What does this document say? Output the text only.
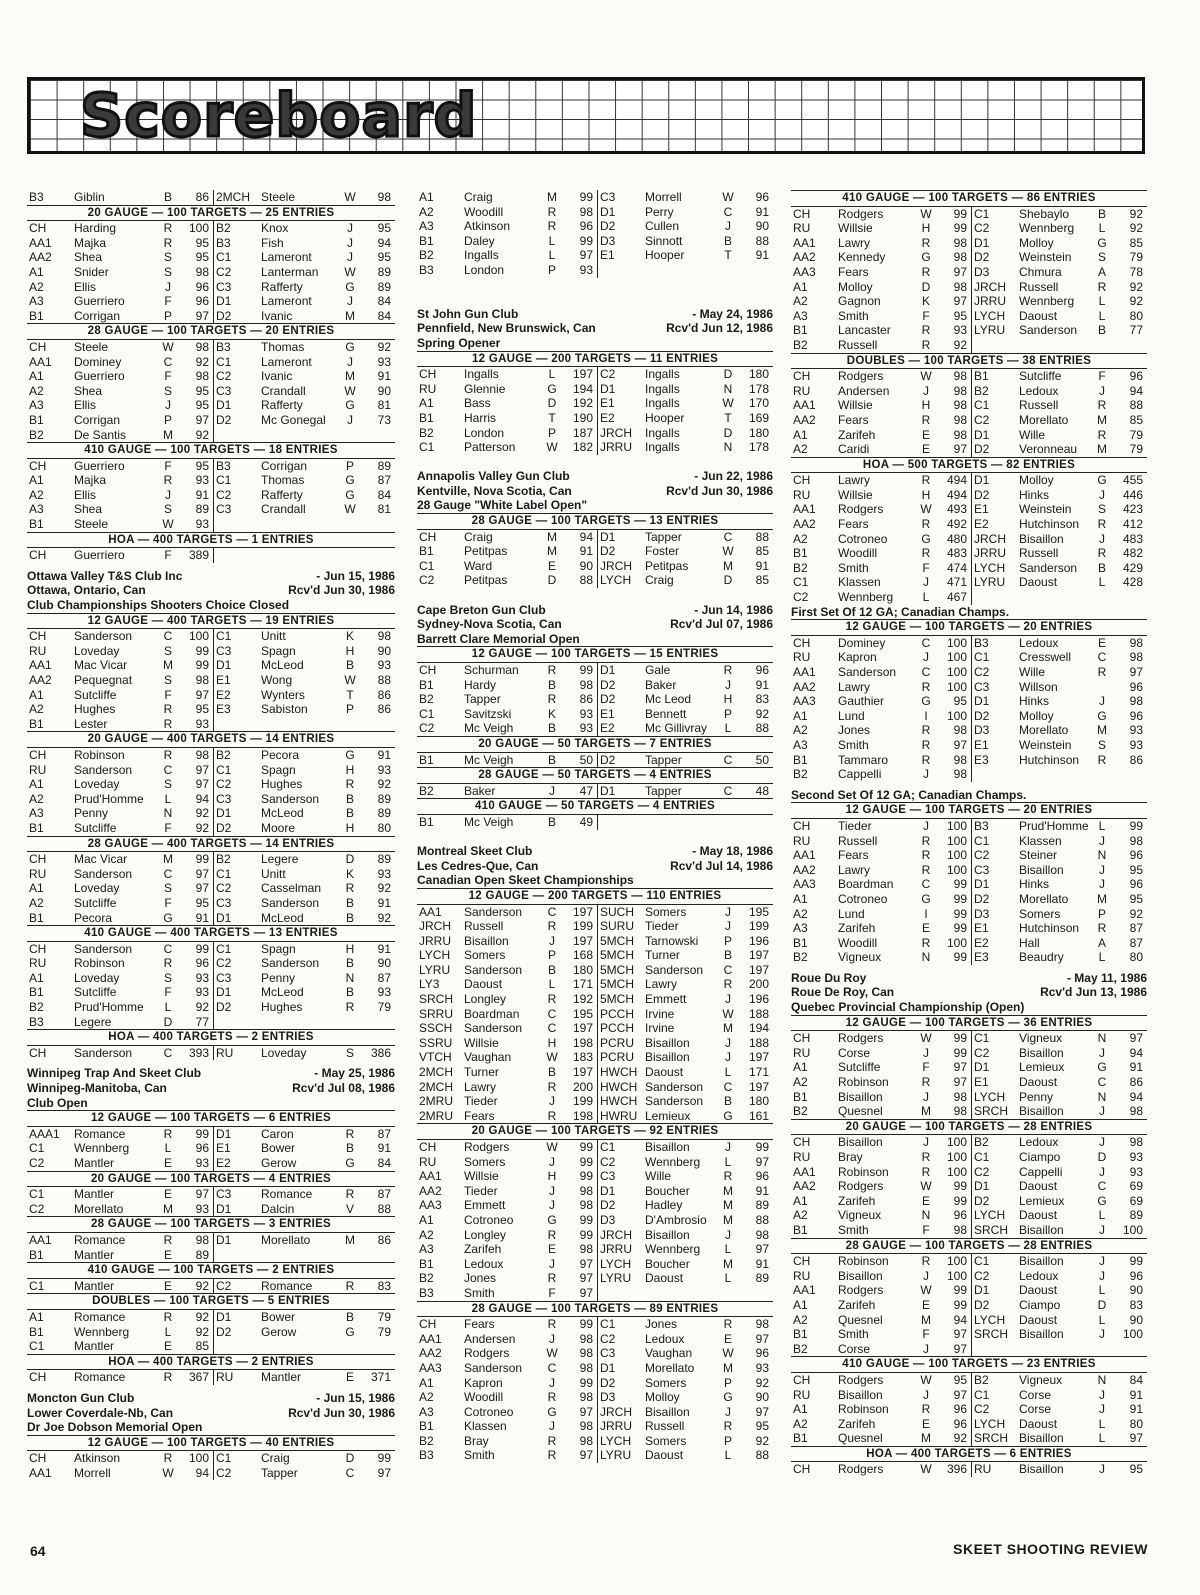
Scoreboard
B3	Giblin	B	86 2MCH Steele	W	98
20 GAUGE — 100 TARGETS — 25 ENTRIES
CH	Harding	R	100 B2	Knox	J	95
AA1	Majka	R	95 B3	Fish	J	94
AA2	Shea	S	95 C1	Lameront	J	95
A1	Snider	S	98 C2	Lanterman	W	89
A2	Ellis	J	96 C3	Rafferty	G	89
A3	Guerriero	F	96 D1	Lameront	J	84
B1	Corrigan	P	97 D2	Ivanic	M	84
28 GAUGE — 100 TARGETS — 20 ENTRIES
CH	Steele	W	98 B3	Thomas	G	92
AA1	Dominey	C	92 C1	Lameront	J	93
A1	Guerriero	F	98 C2	Ivanic	M	91
A2	Shea	S	95 C3	Crandall	W	90
A3	Ellis	J	95 D1	Rafferty	G	81
B1	Corrigan	P	97 D2	Mc Gonegal	J	73
B2	De Santis	M	92
410 GAUGE — 100 TARGETS — 18 ENTRIES
CH	Guerriero	F	95 B3	Corrigan	P	89
A1	Majka	R	93 C1	Thomas	G	87
A2	Ellis	J	91 C2	Rafferty	G	84
A3	Shea	S	89 C3	Crandall	W	81
B1	Steele	W	93
HOA — 400 TARGETS — 1 ENTRIES
CH	Guerriero	F	389
Ottawa Valley T&S Club Inc	- Jun 15, 1986
Ottawa, Ontario, Can	Rcv'd Jun 30, 1986
Club Championships Shooters Choice Closed
12 GAUGE — 400 TARGETS — 19 ENTRIES
CH	Sanderson	C	100 C1	Unitt	K	98
RU	Loveday	S	99 C3	Spagn	H	90
AA1	Mac Vicar	M	99 D1	McLeod	B	93
AA2	Pequegnat	S	98 E1	Wong	W	88
A1	Sutcliffe	F	97 E2	Wynters	T	86
A2	Hughes	R	95 E3	Sabiston	P	86
B1	Lester	R	93
20 GAUGE — 400 TARGETS — 14 ENTRIES
CH	Robinson	R	98 B2	Pecora	G	91
RU	Sanderson	C	97 C1	Spagn	H	93
A1	Loveday	S	97 C2	Hughes	R	92
A2	Prud'Homme	L	94 C3	Sanderson	B	89
A3	Penny	N	92 D1	McLeod	B	89
B1	Sutcliffe	F	92 D2	Moore	H	80
28 GAUGE — 400 TARGETS — 14 ENTRIES
CH	Mac Vicar	M	99 B2	Legere	D	89
RU	Sanderson	C	97 C1	Unitt	K	93
A1	Loveday	S	97 C2	Casselman	R	92
A2	Sutcliffe	F	95 C3	Sanderson	B	91
B1	Pecora	G	91 D1	McLeod	B	92
410 GAUGE — 400 TARGETS — 13 ENTRIES
CH	Sanderson	C	99 C1	Spagn	H	91
RU	Robinson	R	96 C2	Sanderson	B	90
A1	Loveday	S	93 C3	Penny	N	87
B1	Sutcliffe	F	93 D1	McLeod	B	93
B2	Prud'Homme	L	92 D2	Hughes	R	79
B3	Legere	D	77
HOA — 400 TARGETS — 2 ENTRIES
CH	Sanderson	C	393 RU	Loveday	S	386
Winnipeg Trap And Skeet Club	- May 25, 1986
Winnipeg-Manitoba, Can	Rcv'd Jul 08, 1986
Club Open
12 GAUGE — 100 TARGETS — 6 ENTRIES
AAA1	Romance	R	99 D1	Caron	R	87
C1	Wennberg	L	96 E1	Bower	B	91
C2	Mantler	E	93 E2	Gerow	G	84
20 GAUGE — 100 TARGETS — 4 ENTRIES
C1	Mantler	E	97 C3	Romance	R	87
C2	Morellato	M	93 D1	Dalcin	V	88
28 GAUGE — 100 TARGETS — 3 ENTRIES
AA1	Romance	R	98 D1	Morellato	M	86
B1	Mantler	E	89
410 GAUGE — 100 TARGETS — 2 ENTRIES
C1	Mantler	E	92 C2	Romance	R	83
DOUBLES — 100 TARGETS — 5 ENTRIES
A1	Romance	R	92 D1	Bower	B	79
B1	Wennberg	L	92 D2	Gerow	G	79
C1	Mantler	E	85
HOA — 400 TARGETS — 2 ENTRIES
CH	Romance	R	367 RU	Mantler	E	371
Moncton Gun Club	- Jun 15, 1986
Lower Coverdale-Nb, Can	Rcv'd Jun 30, 1986
Dr Joe Dobson Memorial Open
12 GAUGE — 100 TARGETS — 40 ENTRIES
CH	Atkinson	R	100 C1	Craig	D	99
AA1	Morrell	W	94 C2	Tapper	C	97
A1	Craig	M	99 C3	Morrell	W	96
A2	Woodill	R	98 D1	Perry	C	91
A3	Atkinson	R	96 D2	Cullen	J	90
B1	Daley	L	99 D3	Sinnott	B	88
B2	Ingalls	L	97 E1	Hooper	T	91
B3	London	P	93
St John Gun Club	- May 24, 1986
Pennfield, New Brunswick, Can	Rcv'd Jun 12, 1986
Spring Opener
12 GAUGE — 200 TARGETS — 11 ENTRIES
CH	Ingalls	L	197 C2	Ingalls	D	180
RU	Glennie	G	194 D1	Ingalls	N	178
A1	Bass	D	192 E1	Ingalls	W	170
B1	Harris	T	190 E2	Hooper	T	169
B2	London	P	187 JRCH	Ingalls	D	180
C1	Patterson	W	182 JRRU	Ingalls	N	178
Annapolis Valley Gun Club	- Jun 22, 1986
Kentville, Nova Scotia, Can	Rcv'd Jun 30, 1986
28 Gauge "White Label Open"
28 GAUGE — 100 TARGETS — 13 ENTRIES
CH	Craig	M	94 D1	Tapper	C	88
B1	Petitpas	M	91 D2	Foster	W	85
C1	Ward	E	90 JRCH	Petitpas	M	91
C2	Petitpas	D	88 LYCH	Craig	D	85
Cape Breton Gun Club	- Jun 14, 1986
Sydney-Nova Scotia, Can	Rcv'd Jul 07, 1986
Barrett Clare Memorial Open
12 GAUGE — 100 TARGETS — 15 ENTRIES
CH	Schurman	R	99 D1	Gale	R	96
B1	Hardy	B	98 D2	Baker	J	91
B2	Tapper	R	86 D2	Mc Leod	H	83
C1	Savitzski	K	93 E1	Bennett	P	92
C2	Mc Veigh	B	93 E2	Mc Gillivray	L	88
20 GAUGE — 50 TARGETS — 7 ENTRIES
B1	Mc Veigh	B	50 D2	Tapper	C	50
28 GAUGE — 50 TARGETS — 4 ENTRIES
B2	Baker	J	47 D1	Tapper	C	48
410 GAUGE — 50 TARGETS — 4 ENTRIES
B1	Mc Veigh	B	49
Montreal Skeet Club	- May 18, 1986
Les Cedres-Que, Can	Rcv'd Jul 14, 1986
Canadian Open Skeet Championships
12 GAUGE — 200 TARGETS — 110 ENTRIES
AA1	Sanderson	C	197 SUCH Somers	J	195
JRCH	Russell	R	199 SURU Tieder	J	199
JRRU	Bisaillon	J	197 5MCH Tarnowski	P	196
LYCH	Somers	P	168 5MCH Turner	B	197
LYRU	Sanderson	B	180 5MCH Sanderson	C	197
LY3	Daoust	L	171 5MCH Lawry	R	200
SRCH Longley	R	192 5MCH Emmett	J	196
SRRU Boardman	C	195 PCCH Irvine	W	188
SSCH Sanderson	C	197 PCCH Irvine	M	194
SSRU Willsie	H	198 PCRU Bisaillon	J	188
VTCH	Vaughan	W	183 PCRU Bisaillon	J	197
2MCH Turner	B	197 HWCH Daoust	L	171
2MCH Lawry	R	200 HWCH Sanderson	C	197
2MRU Tieder	J	199 HWCH Sanderson	B	180
2MRU Fears	R	198 HWRU Lemieux	G	161
20 GAUGE — 100 TARGETS — 92 ENTRIES
CH	Rodgers	W	99 C1	Bisaillon	J	99
RU	Somers	J	99 C2	Wennberg	L	97
AA1	Willsie	H	99 C3	Wille	R	96
AA2	Tieder	J	98 D1	Boucher	M	91
AA3	Emmett	J	98 D2	Hadley	M	89
A1	Cotroneo	G	99 D3	D'Ambrosio	M	88
A2	Longley	R	99 JRCH	Bisaillon	J	98
A3	Zarifeh	E	98 JRRU	Wennberg	L	97
B1	Ledoux	J	97 LYCH	Boucher	M	91
B2	Jones	R	97 LYRU	Daoust	L	89
B3	Smith	F	97
28 GAUGE — 100 TARGETS — 89 ENTRIES
CH	Fears	R	99 C1	Jones	R	98
AA1	Andersen	J	98 C2	Ledoux	E	97
AA2	Rodgers	W	98 C3	Vaughan	W	96
AA3	Sanderson	C	98 D1	Morellato	M	93
A1	Kapron	J	99 D2	Somers	P	92
A2	Woodill	R	98 D3	Molloy	G	90
A3	Cotroneo	G	97 JRCH	Bisaillon	J	97
B1	Klassen	J	98 JRRU	Russell	R	95
B2	Bray	R	98 LYCH	Somers	P	92
B3	Smith	R	97 LYRU	Daoust	L	88
410 GAUGE — 100 TARGETS — 86 ENTRIES
CH	Rodgers	W	99 C1	Shebaylo	B	92
RU	Willsie	H	99 C2	Wennberg	L	92
AA1	Lawry	R	98 D1	Molloy	G	85
AA2	Kennedy	G	98 D2	Weinstein	S	79
AA3	Fears	R	97 D3	Chmura	A	78
A1	Molloy	D	98 JRCH	Russell	R	92
A2	Gagnon	K	97 JRRU	Wennberg	L	92
A3	Smith	F	95 LYCH	Daoust	L	80
B1	Lancaster	R	93 LYRU	Sanderson	B	77
B2	Russell	R	92
DOUBLES — 100 TARGETS — 38 ENTRIES
CH	Rodgers	W	98 B1	Sutcliffe	F	96
RU	Andersen	J	98 B2	Ledoux	J	94
AA1	Willsie	H	98 C1	Russell	R	88
AA2	Fears	R	98 C2	Morellato	M	85
A1	Zarifeh	E	98 D1	Wille	R	79
A2	Caridi	E	97 D2	Veronneau	M	79
HOA — 500 TARGETS — 82 ENTRIES
CH	Lawry	R	494 D1	Molloy	G	455
RU	Willsie	H	494 D2	Hinks	J	446
AA1	Rodgers	W	493 E1	Weinstein	S	423
AA2	Fears	R	492 E2	Hutchinson	R	412
A2	Cotroneo	G	480 JRCH	Bisaillon	J	483
B1	Woodill	R	483 JRRU	Russell	R	482
B2	Smith	F	474 LYCH	Sanderson	B	429
C1	Klassen	J	471 LYRU	Daoust	L	428
C2	Wennberg	L	467
First Set Of 12 GA; Canadian Champs.
12 GAUGE — 100 TARGETS — 20 ENTRIES
CH	Dominey	C	100 B3	Ledoux	E	98
RU	Kapron	J	100 C1	Cresswell	C	98
AA1	Sanderson	C	100 C2	Wille	R	97
AA2	Lawry	R	100 C3	Willson	96
AA3	Gauthier	G	95 D1	Hinks	J	98
A1	Lund	I	100 D2	Molloy	G	96
A2	Jones	R	98 D3	Morellato	M	93
A3	Smith	R	97 E1	Weinstein	S	93
B1	Tammaro	R	98 E3	Hutchinson	R	86
B2	Cappelli	J	98
Second Set Of 12 GA; Canadian Champs.
12 GAUGE — 100 TARGETS — 20 ENTRIES
CH	Tieder	J	100 B3	Prud'Homme L	99
RU	Russell	R	100 C1	Klassen	J	98
AA1	Fears	R	100 C2	Steiner	N	96
AA2	Lawry	R	100 C3	Bisaillon	J	95
AA3	Boardman	C	99 D1	Hinks	J	96
A1	Cotroneo	G	99 D2	Morellato	M	95
A2	Lund	I	99 D3	Somers	P	92
A3	Zarifeh	E	99 E1	Hutchinson	R	87
B1	Woodill	R	100 E2	Hall	A	87
B2	Vigneux	N	99 E3	Beaudry	L	80
Roue Du Roy	- May 11, 1986
Roue De Roy, Can	Rcv'd Jun 13, 1986
Quebec Provincial Championship (Open)
12 GAUGE — 100 TARGETS — 36 ENTRIES
CH	Rodgers	W	99 C1	Vigneux	N	97
RU	Corse	J	99 C2	Bisaillon	J	94
A1	Sutcliffe	F	97 D1	Lemieux	G	91
A2	Robinson	R	97 E1	Daoust	C	86
B1	Bisaillon	J	98 LYCH	Penny	N	94
B2	Quesnel	M	98 SRCH Bisaillon	J	98
20 GAUGE — 100 TARGETS — 28 ENTRIES
CH	Bisaillon	J	100 B2	Ledoux	J	98
RU	Bray	R	100 C1	Ciampo	D	93
AA1	Robinson	R	100 C2	Cappelli	J	93
AA2	Rodgers	W	99 D1	Daoust	C	69
A1	Zarifeh	E	99 D2	Lemieux	G	69
A2	Vigneux	N	96 LYCH	Daoust	L	89
B1	Smith	F	98 SRCH Bisaillon	J	100
28 GAUGE — 100 TARGETS — 28 ENTRIES
CH	Robinson	R	100 C1	Bisaillon	J	99
RU	Bisaillon	J	100 C2	Ledoux	J	96
AA1	Rodgers	W	99 D1	Daoust	L	90
A1	Zarifeh	E	99 D2	Ciampo	D	83
A2	Quesnel	M	94 LYCH	Daoust	L	90
B1	Smith	F	97 SRCH Bisaillon	J	100
B2	Corse	J	97
410 GAUGE — 100 TARGETS — 23 ENTRIES
CH	Rodgers	W	95 B2	Vigneux	N	84
RU	Bisaillon	J	97 C1	Corse	J	91
A1	Robinson	R	96 C2	Corse	J	91
A2	Zarifeh	E	96 LYCH	Daoust	L	80
B1	Quesnel	M	92 SRCH Bisaillon	L	97
HOA — 400 TARGETS — 6 ENTRIES
CH	Rodgers	W	396 RU	Bisaillon	J	95
64	SKEET SHOOTING REVIEW
